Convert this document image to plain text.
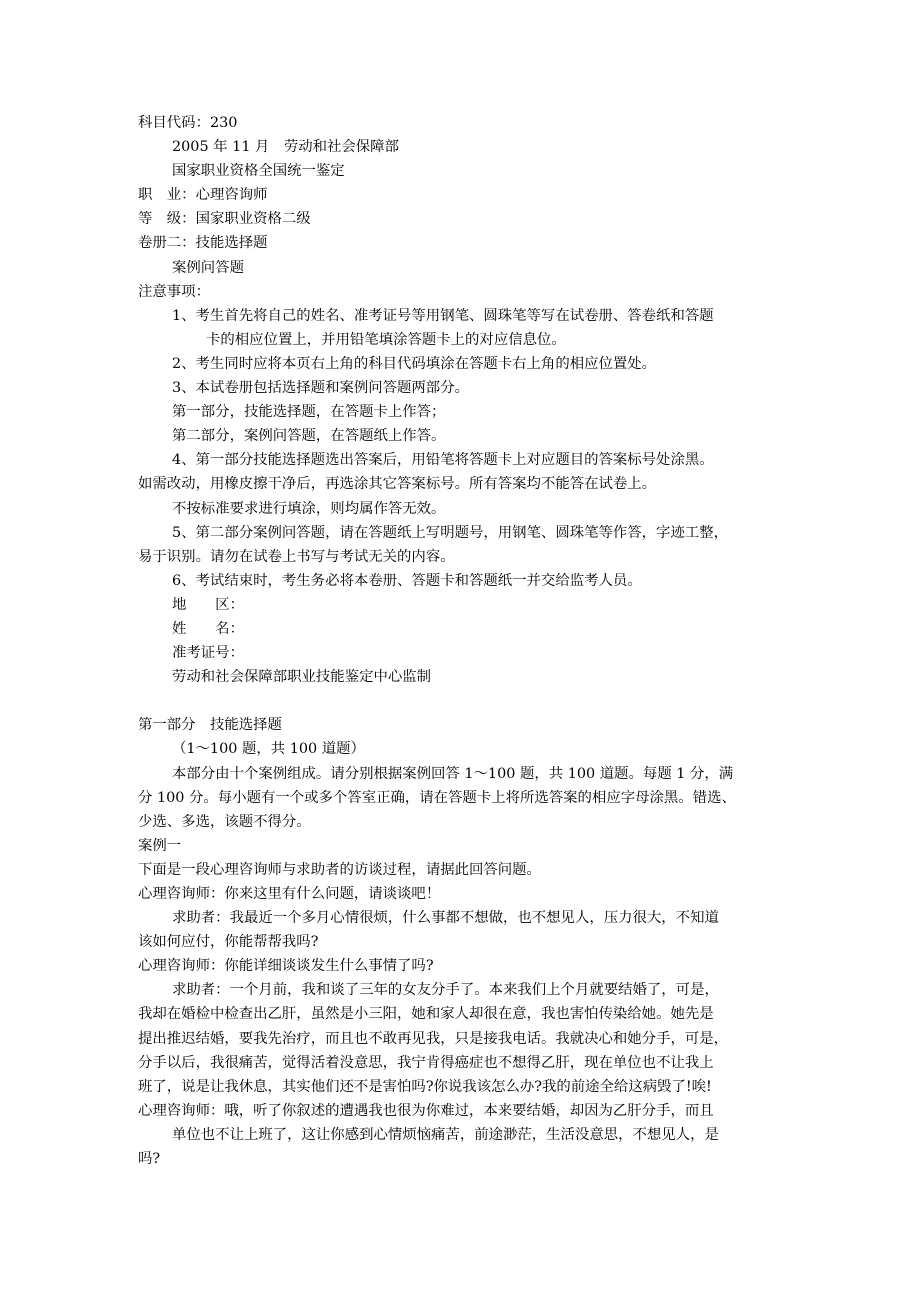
科目代码：230
2005 年 11 月　劳动和社会保障部
国家职业资格全国统一鉴定
职　业：心理咨询师
等　级：国家职业资格二级
卷册二：技能选择题
案例问答题
注意事项：
1、考生首先将自己的姓名、准考证号等用钢笔、圆珠笔等写在试卷册、答卷纸和答题
卡的相应位置上，并用铅笔填涂答题卡上的对应信息位。
2、考生同时应将本页右上角的科目代码填涂在答题卡右上角的相应位置处。
3、本试卷册包括选择题和案例问答题两部分。
第一部分，技能选择题，在答题卡上作答；
第二部分，案例问答题，在答题纸上作答。
4、第一部分技能选择题选出答案后，用铅笔将答题卡上对应题目的答案标号处涂黑。
如需改动，用橡皮擦干净后，再选涂其它答案标号。所有答案均不能答在试卷上。
不按标准要求进行填涂，则均属作答无效。
5、第二部分案例问答题，请在答题纸上写明题号，用钢笔、圆珠笔等作答，字迹工整，
易于识别。请勿在试卷上书写与考试无关的内容。
6、考试结束时，考生务必将本卷册、答题卡和答题纸一并交给监考人员。
地　　区：
姓　　名：
准考证号：
劳动和社会保障部职业技能鉴定中心监制
第一部分　技能选择题
（1～100 题，共 100 道题）
本部分由十个案例组成。请分别根据案例回答 1～100 题，共 100 道题。每题 1 分，满
分 100 分。每小题有一个或多个答室正确，请在答题卡上将所选答案的相应字母涂黑。错选、
少选、多选，该题不得分。
案例一
下面是一段心理咨询师与求助者的访谈过程，请据此回答问题。
心理咨询师：你来这里有什么问题，请谈谈吧！
求助者：我最近一个多月心情很烦，什么事都不想做，也不想见人，压力很大，不知道
该如何应付，你能帮帮我吗?
心理咨询师：你能详细谈谈发生什么事情了吗?
求助者：一个月前，我和谈了三年的女友分手了。本来我们上个月就要结婚了，可是，
我却在婚检中检查出乙肝，虽然是小三阳，她和家人却很在意，我也害怕传染给她。她先是
提出推迟结婚，要我先治疗，而且也不敢再见我，只是接我电话。我就决心和她分手，可是，
分手以后，我很痛苦，觉得活着没意思，我宁肯得癌症也不想得乙肝，现在单位也不让我上
班了，说是让我休息，其实他们还不是害怕吗?你说我该怎么办?我的前途全给这病毁了!唉!
心理咨询师：哦，听了你叙述的遭遇我也很为你难过，本来要结婚，却因为乙肝分手，而且
单位也不让上班了，这让你感到心情烦恼痛苦，前途渺茫，生活没意思，不想见人，是
吗?
